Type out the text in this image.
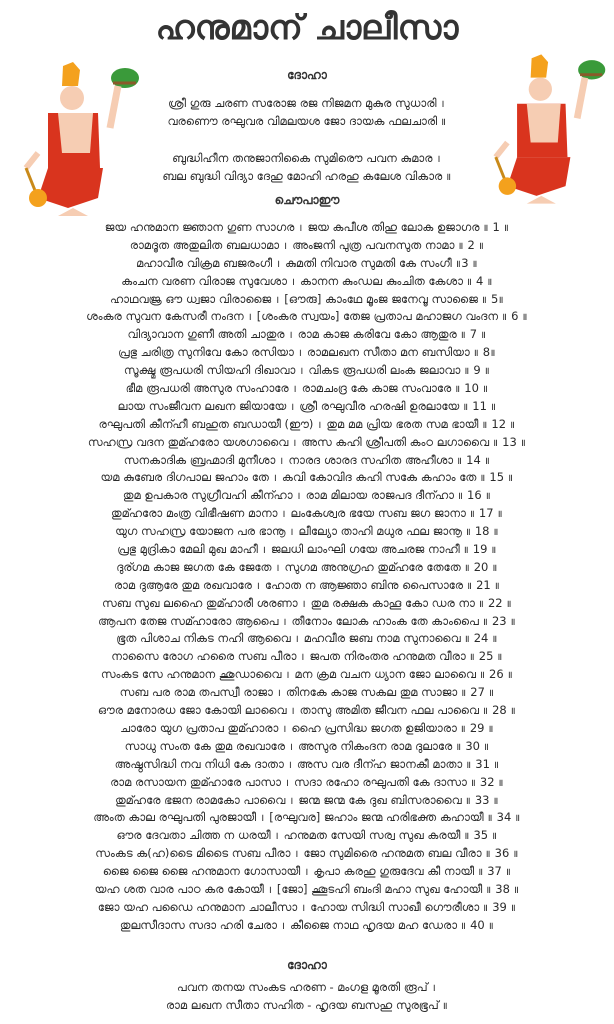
ഹനുമാന് ചാലീസാ
ദോഹാ
ശ്രീ ഗുരു ചരണ സരോജ രജ നിജമന മുകുര സുധാരി ।
വരണൌ രഘുവര വിമലയശ ജോ ദായക ഫലചാരി ॥
ബുദ്ധിഹീന തനുജാനികൈ സുമിരൌ പവന കുമാര ।
ബല ബുദ്ധി വിദ്യാ ദേഹു മോഹി ഹരഹു കലേശ വികാര ॥
ചൌപാഈ
ജയ ഹനുമാന ജ്ഞാന ഗുണ സാഗര । ജയ കപീശ തിഹു ലോക ഉജാഗര ॥ 1 ॥
രാമദൂത അതുലിത ബലധാമാ । അംജനി പുത്ര പവനസുത നാമാ ॥ 2 ॥
മഹാവീര വിക്രമ ബജരംഗീ । കുമതി നിവാര സുമതി കേ സംഗീ ॥3 ॥
കംചന വരണ വിരാജ സുവേശാ । കാനന കുംഡല കുംചിത കേശാ ॥ 4 ॥
ഹാഥവജ്ര ഔ ധ്വജാ വിരാജൈ । [ഔരു] കാംഥേ മൂംജ ജനേവൂ സാജൈ ॥ 5॥
ശംകര സുവന കേസരീ നംദന । [ശംകര സ്വയം] തേജ പ്രതാപ മഹാജഗ വംദന ॥ 6 ॥
വിദ്യാവാന ഗുണീ അതി ചാതുര । രാമ കാജ കരിവേ കോ ആതുര ॥ 7 ॥
പ്രഭു ചരിത്ര സുനിവേ കോ രസിയാ । രാമലഖന സീതാ മന ബസിയാ ॥ 8॥
സൂക്ഷ്മ രൂപധരി സിയഹി ദിഖാവാ । വികട രൂപധരി ലംക ജലാവാ ॥ 9 ॥
ഭീമ രൂപധരി അസുര സംഹാരേ । രാമചംദ്ര കേ കാജ സംവാരേ ॥ 10 ॥
ലായ സംജീവന ലഖന ജിയായേ । ശ്രീ രഘുവീര ഹരഷി ഉരലായേ ॥ 11 ॥
രഘുപതി കീന്ഹീ ബഹുത ബഡായീ (ഈ) । തുമ മമ പ്രിയ ഭരത സമ ഭായീ ॥ 12 ॥
സഹസ്ര വദന തുമ്ഹരോ യശഗാവൈ । അസ കഹി ശ്രീപതി കംഠ ലഗാവൈ ॥ 13 ॥
സനകാദിക ബ്രഹ്മാദി മുനീശാ । നാരദ ശാരദ സഹിത അഹീശാ ॥ 14 ॥
യമ കുബേര ദിഗപാല ജഹാം തേ । കവി കോവിദ കഹി സകേ കഹാം തേ ॥ 15 ॥
തുമ ഉപകാര സുഗ്രീവഹി കീന്ഹാ । രാമ മിലായ രാജപദ ദീന്ഹാ ॥ 16 ॥
തുമ്ഹരോ മംത്ര വിഭീഷണ മാനാ । ലംകേശ്വര ഭയേ സബ ജഗ ജാനാ ॥ 17 ॥
യുഗ സഹസ്ര യോജന പര ഭാനൂ । ലീല്യോ താഹി മധുര ഫല ജാനൂ ॥ 18 ॥
പ്രഭു മുദ്രികാ മേലി മുഖ മാഹീ । ജലധി ലാംഘി ഗയേ അചരജ നാഹീ ॥ 19 ॥
ദുര്ഗമ കാജ ജഗത കേ ജേതേ । സുഗമ അനുഗ്രഹ തുമ്ഹരേ തേതേ ॥ 20 ॥
രാമ ദുആരേ തുമ രഖവാരേ । ഹോത ന ആജ്ഞാ ബിനു പൈസാരേ ॥ 21 ॥
സബ സുഖ ലഹൈ തുമ്ഹാരീ ശരണാ । തുമ രക്ഷക കാഹൂ കോ ഡര നാ ॥ 22 ॥
ആപന തേജ സമ്ഹാരോ ആപൈ । തീനോം ലോക ഹാംക തേ കാംപൈ ॥ 23 ॥
ഭൂത പിശാച നികട നഹി ആവൈ । മഹവീര ജബ നാമ സുനാവൈ ॥ 24 ॥
നാസൈ രോഗ ഹരൈ സബ പീരാ । ജപത നിരംതര ഹനുമത വീരാ ॥ 25 ॥
സംകട സേ ഹനുമാന ഛുഡാവൈ । മന ക്രമ വചന ധ്യാന ജോ ലാവൈ ॥ 26 ॥
സബ പര രാമ തപസ്വീ രാജാ । തിനകേ കാജ സകല തുമ സാജാ ॥ 27 ॥
ഔര മനോരധ ജോ കോയി ലാവൈ । താസു അമിത ജീവന ഫല പാവൈ ॥ 28 ॥
ചാരോ യുഗ പ്രതാപ തുമ്ഹാരാ । ഹൈ പ്രസിദ്ധ ജഗത ഉജിയാരാ ॥ 29 ॥
സാധു സംത കേ തുമ രഖവാരേ । അസുര നികംദന രാമ ദുലാരേ ॥ 30 ॥
അഷ്ഠസിദ്ധി നവ നിധി കേ ദാതാ । അസ വര ദീന്ഹ ജാനകീ മാതാ ॥ 31 ॥
രാമ രസായന തുമ്ഹാരേ പാസാ । സദാ രഹോ രഘുപതി കേ ദാസാ ॥ 32 ॥
തുമ്ഹരേ ഭജന രാമകോ പാവൈ । ജന്മ ജന്മ കേ ദുഖ ബിസരാവൈ ॥ 33 ॥
അംത കാല രഘുപതി പുരജായീ । [രഘുവര] ജഹാം ജന്മ ഹരിഭക്ത കഹായീ ॥ 34 ॥
ഔര ദേവതാ ചിത്ത ന ധരയീ । ഹനുമത സേയി സര്വ സുഖ കരയീ ॥ 35 ॥
സംകട ക(ഹ)ടൈ മിടൈ സബ പീരാ । ജോ സുമിരൈ ഹനുമത ബല വീരാ ॥ 36 ॥
ജൈ ജൈ ജൈ ഹനുമാന ഗോസായീ । കൃപാ കരഹു ഗുരുദേവ കീ നായീ ॥ 37 ॥
യഹ ശത വാര പാഠ കര കോയീ । [ജോ] ഛൂടഹി ബംദി മഹാ സുഖ ഹോയീ ॥ 38 ॥
ജോ യഹ പഡൈ ഹനുമാന ചാലീസാ । ഹോയ സിദ്ധി സാഖീ ഗൌരീശാ ॥ 39 ॥
തുലസീദാസ സദാ ഹരി ചേരാ । കീജൈ നാഥ ഹൃദയ മഹ ഡേരാ ॥ 40 ॥
ദോഹാ
പവന തനയ സംകട ഹരണ - മംഗള മൂരതി രൂപ് ।
രാമ ലഖന സീതാ സഹിത - ഹൃദയ ബസഹു സുരഭൂപ് ॥
